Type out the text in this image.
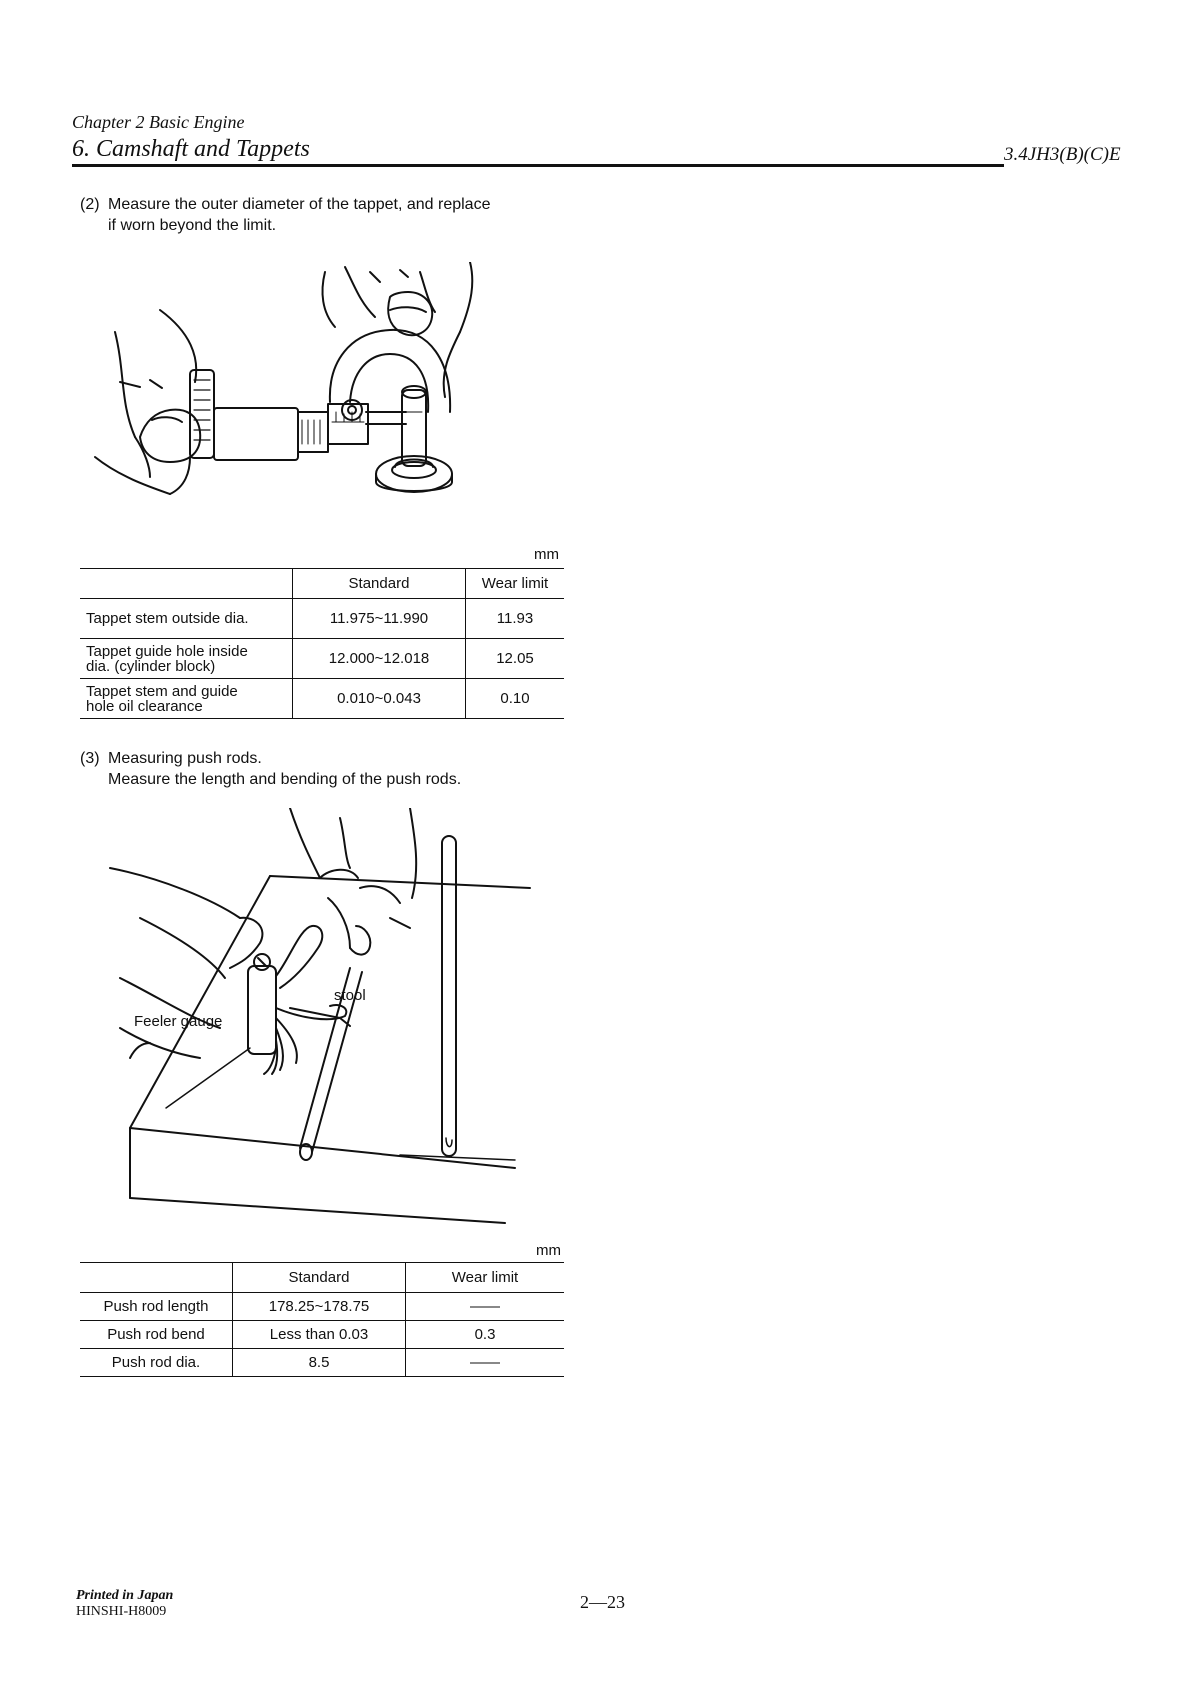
Chapter 2 Basic Engine
6. Camshaft and Tappets	3.4JH3(B)(C)E
(2) Measure the outer diameter of the tappet, and replace
if worn beyond the limit.
mm
	Standard	Wear limit
Tappet stem outside dia.	11.975~11.990	11.93
Tappet guide hole inside
dia. (cylinder block)	12.000~12.018	12.05
Tappet stem and guide
hole oil clearance	0.010~0.043	0.10
(3) Measuring push rods.
Measure the length and bending of the push rods.
stool
Feeler gauge
mm
	Standard	Wear limit
Push rod length	178.25~178.75	——
Push rod bend	Less than 0.03	0.3
Push rod dia.	8.5	——
Printed in Japan
HINSHI-H8009	2—23
